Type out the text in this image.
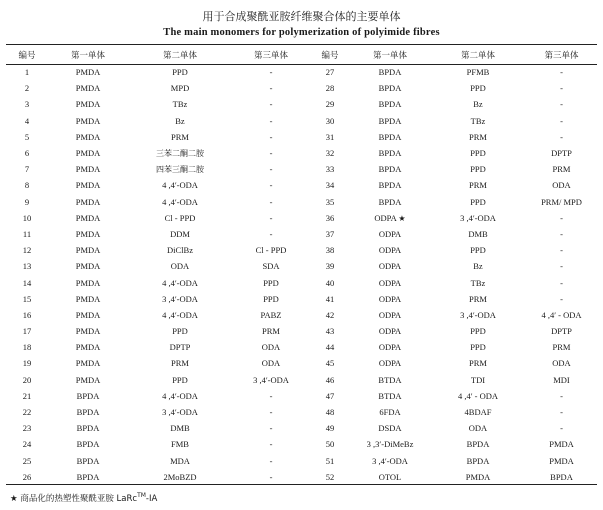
用于合成聚酰亚胺纤维聚合体的主要单体
The main monomers for polymerization of polyimide fibres
编号	第一单体	第二单体	第三单体	编号	第一单体	第二单体	第三单体
1	PMDA	PPD	-	27	BPDA	PFMB	-
2	PMDA	MPD	-	28	BPDA	PPD	-
3	PMDA	TBz	-	29	BPDA	Bz	-
4	PMDA	Bz	-	30	BPDA	TBz	-
5	PMDA	PRM	-	31	BPDA	PRM	-
6	PMDA	三苯二酮二胺	-	32	BPDA	PPD	DPTP
7	PMDA	四苯三酮二胺	-	33	BPDA	PPD	PRM
8	PMDA	4 ,4′-ODA	-	34	BPDA	PRM	ODA
9	PMDA	4 ,4′-ODA	-	35	BPDA	PPD	PRM/ MPD
10	PMDA	Cl - PPD	-	36	ODPA ★	3 ,4′-ODA	-
11	PMDA	DDM	-	37	ODPA	DMB	-
12	PMDA	DiClBz	Cl - PPD	38	ODPA	PPD	-
13	PMDA	ODA	SDA	39	ODPA	Bz	-
14	PMDA	4 ,4′-ODA	PPD	40	ODPA	TBz	-
15	PMDA	3 ,4′-ODA	PPD	41	ODPA	PRM	-
16	PMDA	4 ,4′-ODA	PABZ	42	ODPA	3 ,4′-ODA	4 ,4′ - ODA
17	PMDA	PPD	PRM	43	ODPA	PPD	DPTP
18	PMDA	DPTP	ODA	44	ODPA	PPD	PRM
19	PMDA	PRM	ODA	45	ODPA	PRM	ODA
20	PMDA	PPD	3 ,4′-ODA	46	BTDA	TDI	MDI
21	BPDA	4 ,4′-ODA	-	47	BTDA	4 ,4′ - ODA	-
22	BPDA	3 ,4′-ODA	-	48	6FDA	4BDAF	-
23	BPDA	DMB	-	49	DSDA	ODA	-
24	BPDA	FMB	-	50	3 ,3′-DiMeBz	BPDA	PMDA
25	BPDA	MDA	-	51	3 ,4′-ODA	BPDA	PMDA
26	BPDA	2MoBZD	-	52	OTOL	PMDA	BPDA
★ 商品化的热塑性聚酰亚胺 LaRc™-IA
